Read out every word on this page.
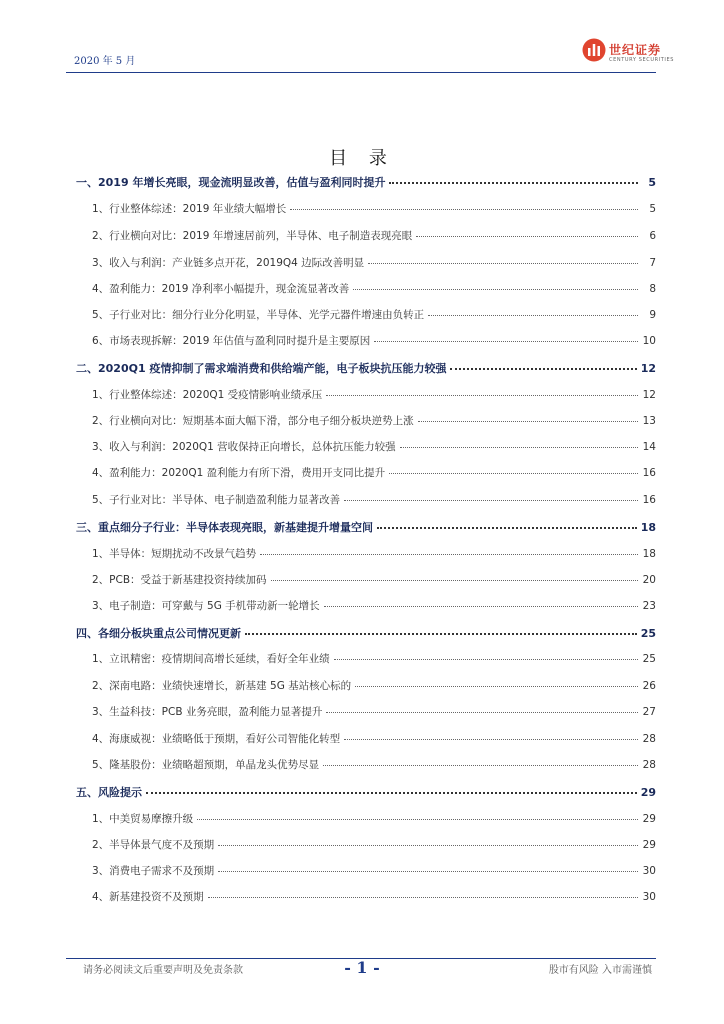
2020 年 5 月
世纪证券
CENTURY SECURITIES
目 录
一、2019 年增长亮眼，现金流明显改善，估值与盈利同时提升	5
1、行业整体综述：2019 年业绩大幅增长	5
2、行业横向对比：2019 年增速居前列，半导体、电子制造表现亮眼	6
3、收入与利润：产业链多点开花，2019Q4 边际改善明显	7
4、盈利能力：2019 净利率小幅提升，现金流显著改善	8
5、子行业对比：细分行业分化明显，半导体、光学元器件增速由负转正	9
6、市场表现拆解：2019 年估值与盈利同时提升是主要原因	10
二、2020Q1 疫情抑制了需求端消费和供给端产能，电子板块抗压能力较强	12
1、行业整体综述：2020Q1 受疫情影响业绩承压	12
2、行业横向对比：短期基本面大幅下滑，部分电子细分板块逆势上涨	13
3、收入与利润：2020Q1 营收保持正向增长，总体抗压能力较强	14
4、盈利能力：2020Q1 盈利能力有所下滑，费用开支同比提升	16
5、子行业对比：半导体、电子制造盈利能力显著改善	16
三、重点细分子行业：半导体表现亮眼，新基建提升增量空间	18
1、半导体：短期扰动不改景气趋势	18
2、PCB：受益于新基建投资持续加码	20
3、电子制造：可穿戴与 5G 手机带动新一轮增长	23
四、各细分板块重点公司情况更新	25
1、立讯精密：疫情期间高增长延续，看好全年业绩	25
2、深南电路：业绩快速增长，新基建 5G 基站核心标的	26
3、生益科技：PCB 业务亮眼，盈利能力显著提升	27
4、海康威视：业绩略低于预期，看好公司智能化转型	28
5、隆基股份：业绩略超预期，单晶龙头优势尽显	28
五、风险提示	29
1、中美贸易摩擦升级	29
2、半导体景气度不及预期	29
3、消费电子需求不及预期	30
4、新基建投资不及预期	30
请务必阅读文后重要声明及免责条款	- 1 -	股市有风险 入市需谨慎
